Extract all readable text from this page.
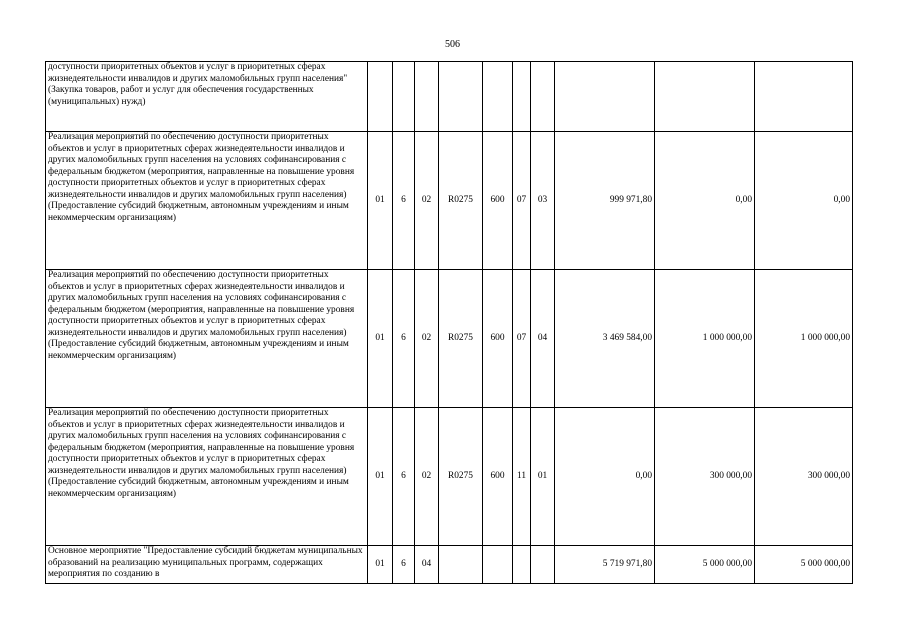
506
доступности приоритетных объектов и услуг в приоритетных сферах жизнедеятельности инвалидов и других маломобильных групп населения" (Закупка товаров, работ и услуг для обеспечения государственных (муниципальных) нужд)										
Реализация мероприятий по обеспечению доступности приоритетных объектов и услуг в приоритетных сферах жизнедеятельности инвалидов и других маломобильных групп населения на условиях софинансирования с федеральным бюджетом (мероприятия, направленные на повышение уровня доступности приоритетных объектов и услуг в приоритетных сферах жизнедеятельности инвалидов и других маломобильных групп населения) (Предоставление субсидий бюджетным, автономным учреждениям и иным некоммерческим организациям)	01	6	02	R0275	600	07	03	999 971,80	0,00	0,00
Реализация мероприятий по обеспечению доступности приоритетных объектов и услуг в приоритетных сферах жизнедеятельности инвалидов и других маломобильных групп населения на условиях софинансирования с федеральным бюджетом (мероприятия, направленные на повышение уровня доступности приоритетных объектов и услуг в приоритетных сферах жизнедеятельности инвалидов и других маломобильных групп населения) (Предоставление субсидий бюджетным, автономным учреждениям и иным некоммерческим организациям)	01	6	02	R0275	600	07	04	3 469 584,00	1 000 000,00	1 000 000,00
Реализация мероприятий по обеспечению доступности приоритетных объектов и услуг в приоритетных сферах жизнедеятельности инвалидов и других маломобильных групп населения на условиях софинансирования с федеральным бюджетом (мероприятия, направленные на повышение уровня доступности приоритетных объектов и услуг в приоритетных сферах жизнедеятельности инвалидов и других маломобильных групп населения) (Предоставление субсидий бюджетным, автономным учреждениям и иным некоммерческим организациям)	01	6	02	R0275	600	11	01	0,00	300 000,00	300 000,00
Основное мероприятие "Предоставление субсидий бюджетам муниципальных образований на реализацию муниципальных программ, содержащих мероприятия по созданию в	01	6	04					5 719 971,80	5 000 000,00	5 000 000,00
